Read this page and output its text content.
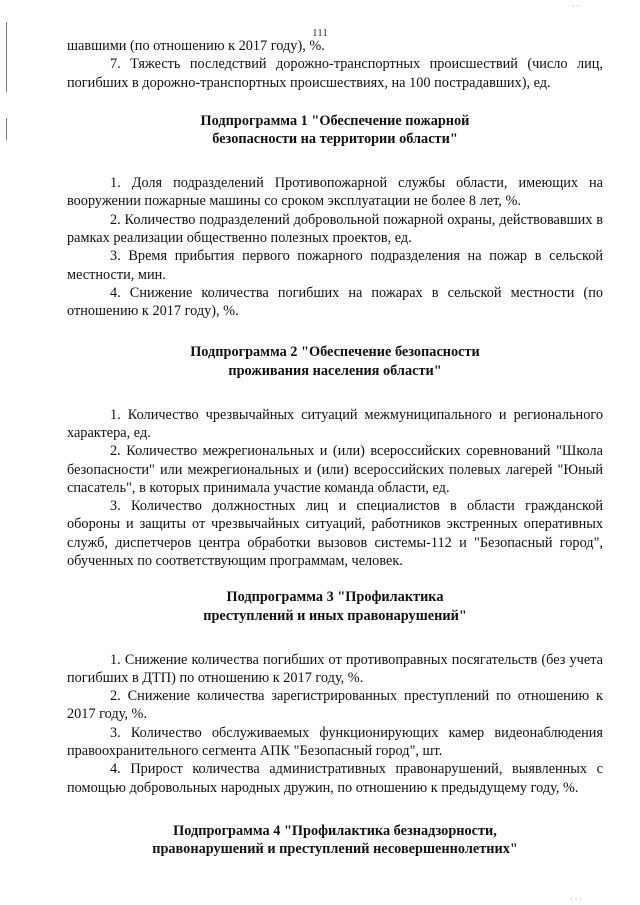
111
· ·
· · ·

шавшими (по отношению к 2017 году), %.

7. Тяжесть последствий дорожно-транспортных происшествий (число лиц, погибших в дорожно-транспортных происшествиях, на 100 пострадавших), ед.

Подпрограмма 1 "Обеспечение пожарной
безопасности на территории области"

1. Доля подразделений Противопожарной службы области, имеющих на вооружении пожарные машины со сроком эксплуатации не более 8 лет, %.

2. Количество подразделений добровольной пожарной охраны, действовавших в рамках реализации общественно полезных проектов, ед.

3. Время прибытия первого пожарного подразделения на пожар в сельской местности, мин.

4. Снижение количества погибших на пожарах в сельской местности (по отношению к 2017 году), %.

Подпрограмма 2 "Обеспечение безопасности
проживания населения области"

1. Количество чрезвычайных ситуаций межмуниципального и регионального характера, ед.

2. Количество межрегиональных и (или) всероссийских соревнований "Школа безопасности" или межрегиональных и (или) всероссийских полевых лагерей "Юный спасатель", в которых принимала участие команда области, ед.

3. Количество должностных лиц и специалистов в области гражданской обороны и защиты от чрезвычайных ситуаций, работников экстренных оперативных служб, диспетчеров центра обработки вызовов системы-112 и "Безопасный город", обученных по соответствующим программам, человек.

Подпрограмма 3 "Профилактика
преступлений и иных правонарушений"

1. Снижение количества погибших от противоправных посягательств (без учета погибших в ДТП) по отношению к 2017 году, %.

2. Снижение количества зарегистрированных преступлений по отношению к 2017 году, %.

3. Количество обслуживаемых функционирующих камер видеонаблюдения правоохранительного сегмента АПК "Безопасный город", шт.

4. Прирост количества административных правонарушений, выявленных с помощью добровольных народных дружин, по отношению к предыдущему году, %.

Подпрограмма 4 "Профилактика безнадзорности,
правонарушений и преступлений несовершеннолетних"
